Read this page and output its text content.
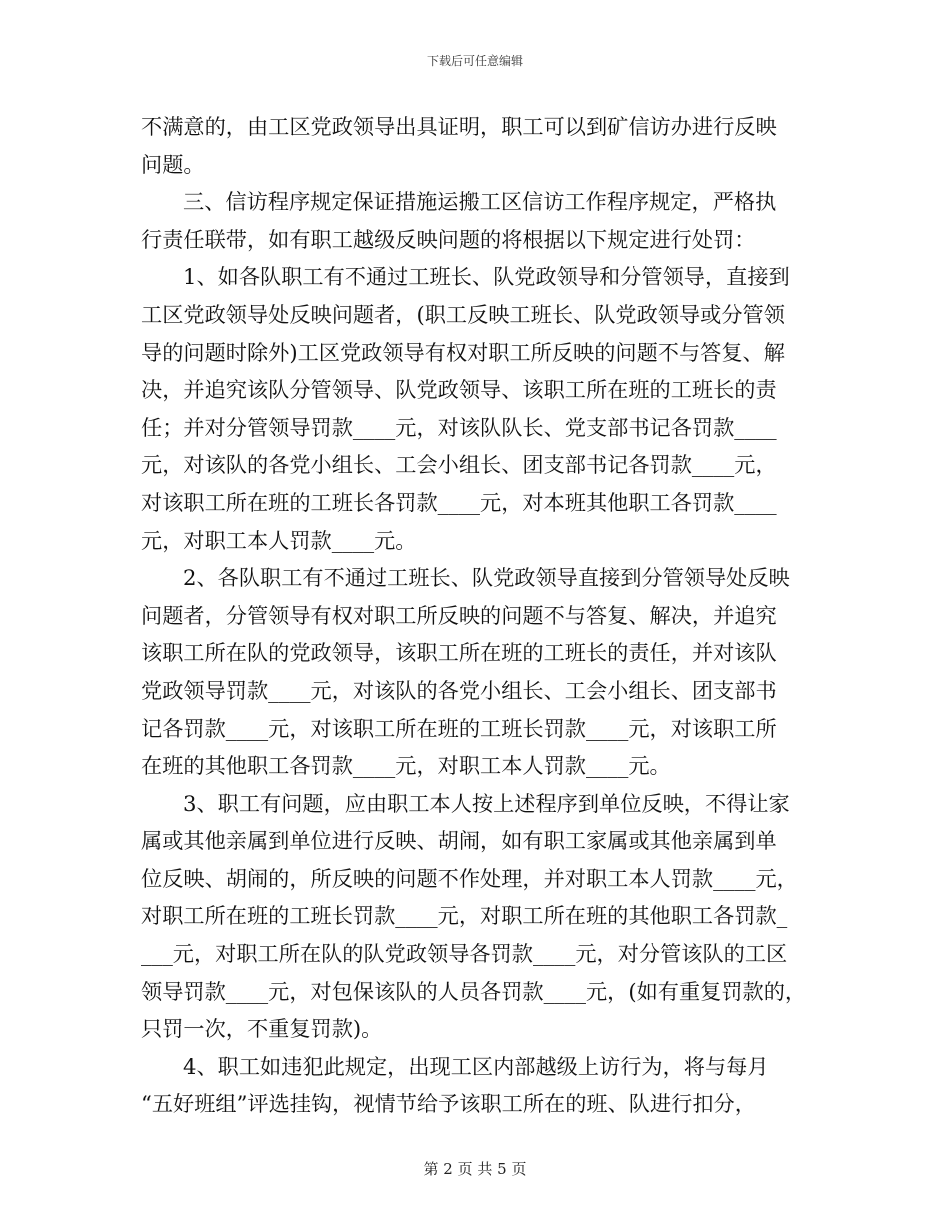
下载后可任意编辑
不满意的，由工区党政领导出具证明，职工可以到矿信访办进行反映
问题。
三、信访程序规定保证措施运搬工区信访工作程序规定，严格执
行责任联带，如有职工越级反映问题的将根据以下规定进行处罚：
1、如各队职工有不通过工班长、队党政领导和分管领导，直接到
工区党政领导处反映问题者，(职工反映工班长、队党政领导或分管领
导的问题时除外)工区党政领导有权对职工所反映的问题不与答复、解
决，并追究该队分管领导、队党政领导、该职工所在班的工班长的责
任；并对分管领导罚款____元，对该队队长、党支部书记各罚款____
元，对该队的各党小组长、工会小组长、团支部书记各罚款____元，
对该职工所在班的工班长各罚款____元，对本班其他职工各罚款____
元，对职工本人罚款____元。
2、各队职工有不通过工班长、队党政领导直接到分管领导处反映
问题者，分管领导有权对职工所反映的问题不与答复、解决，并追究
该职工所在队的党政领导，该职工所在班的工班长的责任，并对该队
党政领导罚款____元，对该队的各党小组长、工会小组长、团支部书
记各罚款____元，对该职工所在班的工班长罚款____元，对该职工所
在班的其他职工各罚款____元，对职工本人罚款____元。
3、职工有问题，应由职工本人按上述程序到单位反映，不得让家
属或其他亲属到单位进行反映、胡闹，如有职工家属或其他亲属到单
位反映、胡闹的，所反映的问题不作处理，并对职工本人罚款____元，
对职工所在班的工班长罚款____元，对职工所在班的其他职工各罚款_
___元，对职工所在队的队党政领导各罚款____元，对分管该队的工区
领导罚款____元，对包保该队的人员各罚款____元，(如有重复罚款的，
只罚一次，不重复罚款)。
4、职工如违犯此规定，出现工区内部越级上访行为，将与每月
“五好班组”评选挂钩，视情节给予该职工所在的班、队进行扣分，
第 2 页 共 5 页
